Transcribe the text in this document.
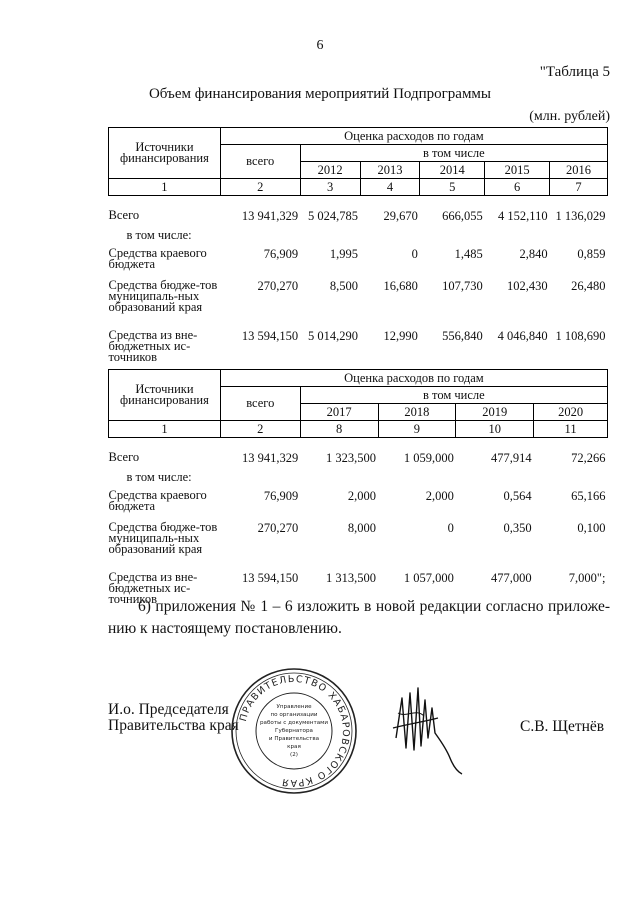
6
"Таблица 5
Объем финансирования мероприятий Подпрограммы
(млн. рублей)
Источники финансирования	Оценка расходов по годам					
	всего	в том числе				
		2012	2013	2014	2015	2016
1	2	3	4	5	6	7

Всего	13 941,329	5 024,785	29,670	666,055	4 152,110	1 136,029
в том числе:						
Средства краевого бюджета	76,909	1,995	0	1,485	2,840	0,859
Средства бюдже-тов муниципаль-ных образований края	270,270	8,500	16,680	107,730	102,430	26,480
Средства из вне-бюджетных ис-точников	13 594,150	5 014,290	12,990	556,840	4 046,840	1 108,690
Источники финансирования	Оценка расходов по годам				
	всего	в том числе			
		2017	2018	2019	2020
1	2	8	9	10	11

Всего	13 941,329	1 323,500	1 059,000	477,914	72,266
в том числе:					
Средства краевого бюджета	76,909	2,000	2,000	0,564	65,166
Средства бюдже-тов муниципаль-ных образований края	270,270	8,000	0	0,350	0,100
Средства из вне-бюджетных ис-точников	13 594,150	1 313,500	1 057,000	477,000	7,000";
6) приложения № 1 – 6 изложить в новой редакции согласно приложе-нию к настоящему постановлению.
И.о. Председателя
Правительства края ПРАВИТЕЛЬСТВО ХАБАРОВСКОГО КРАЯ
Управление
по организации
работы с документами
Губернатора
и Правительства
края
(2)
С.В. Щетнёв
